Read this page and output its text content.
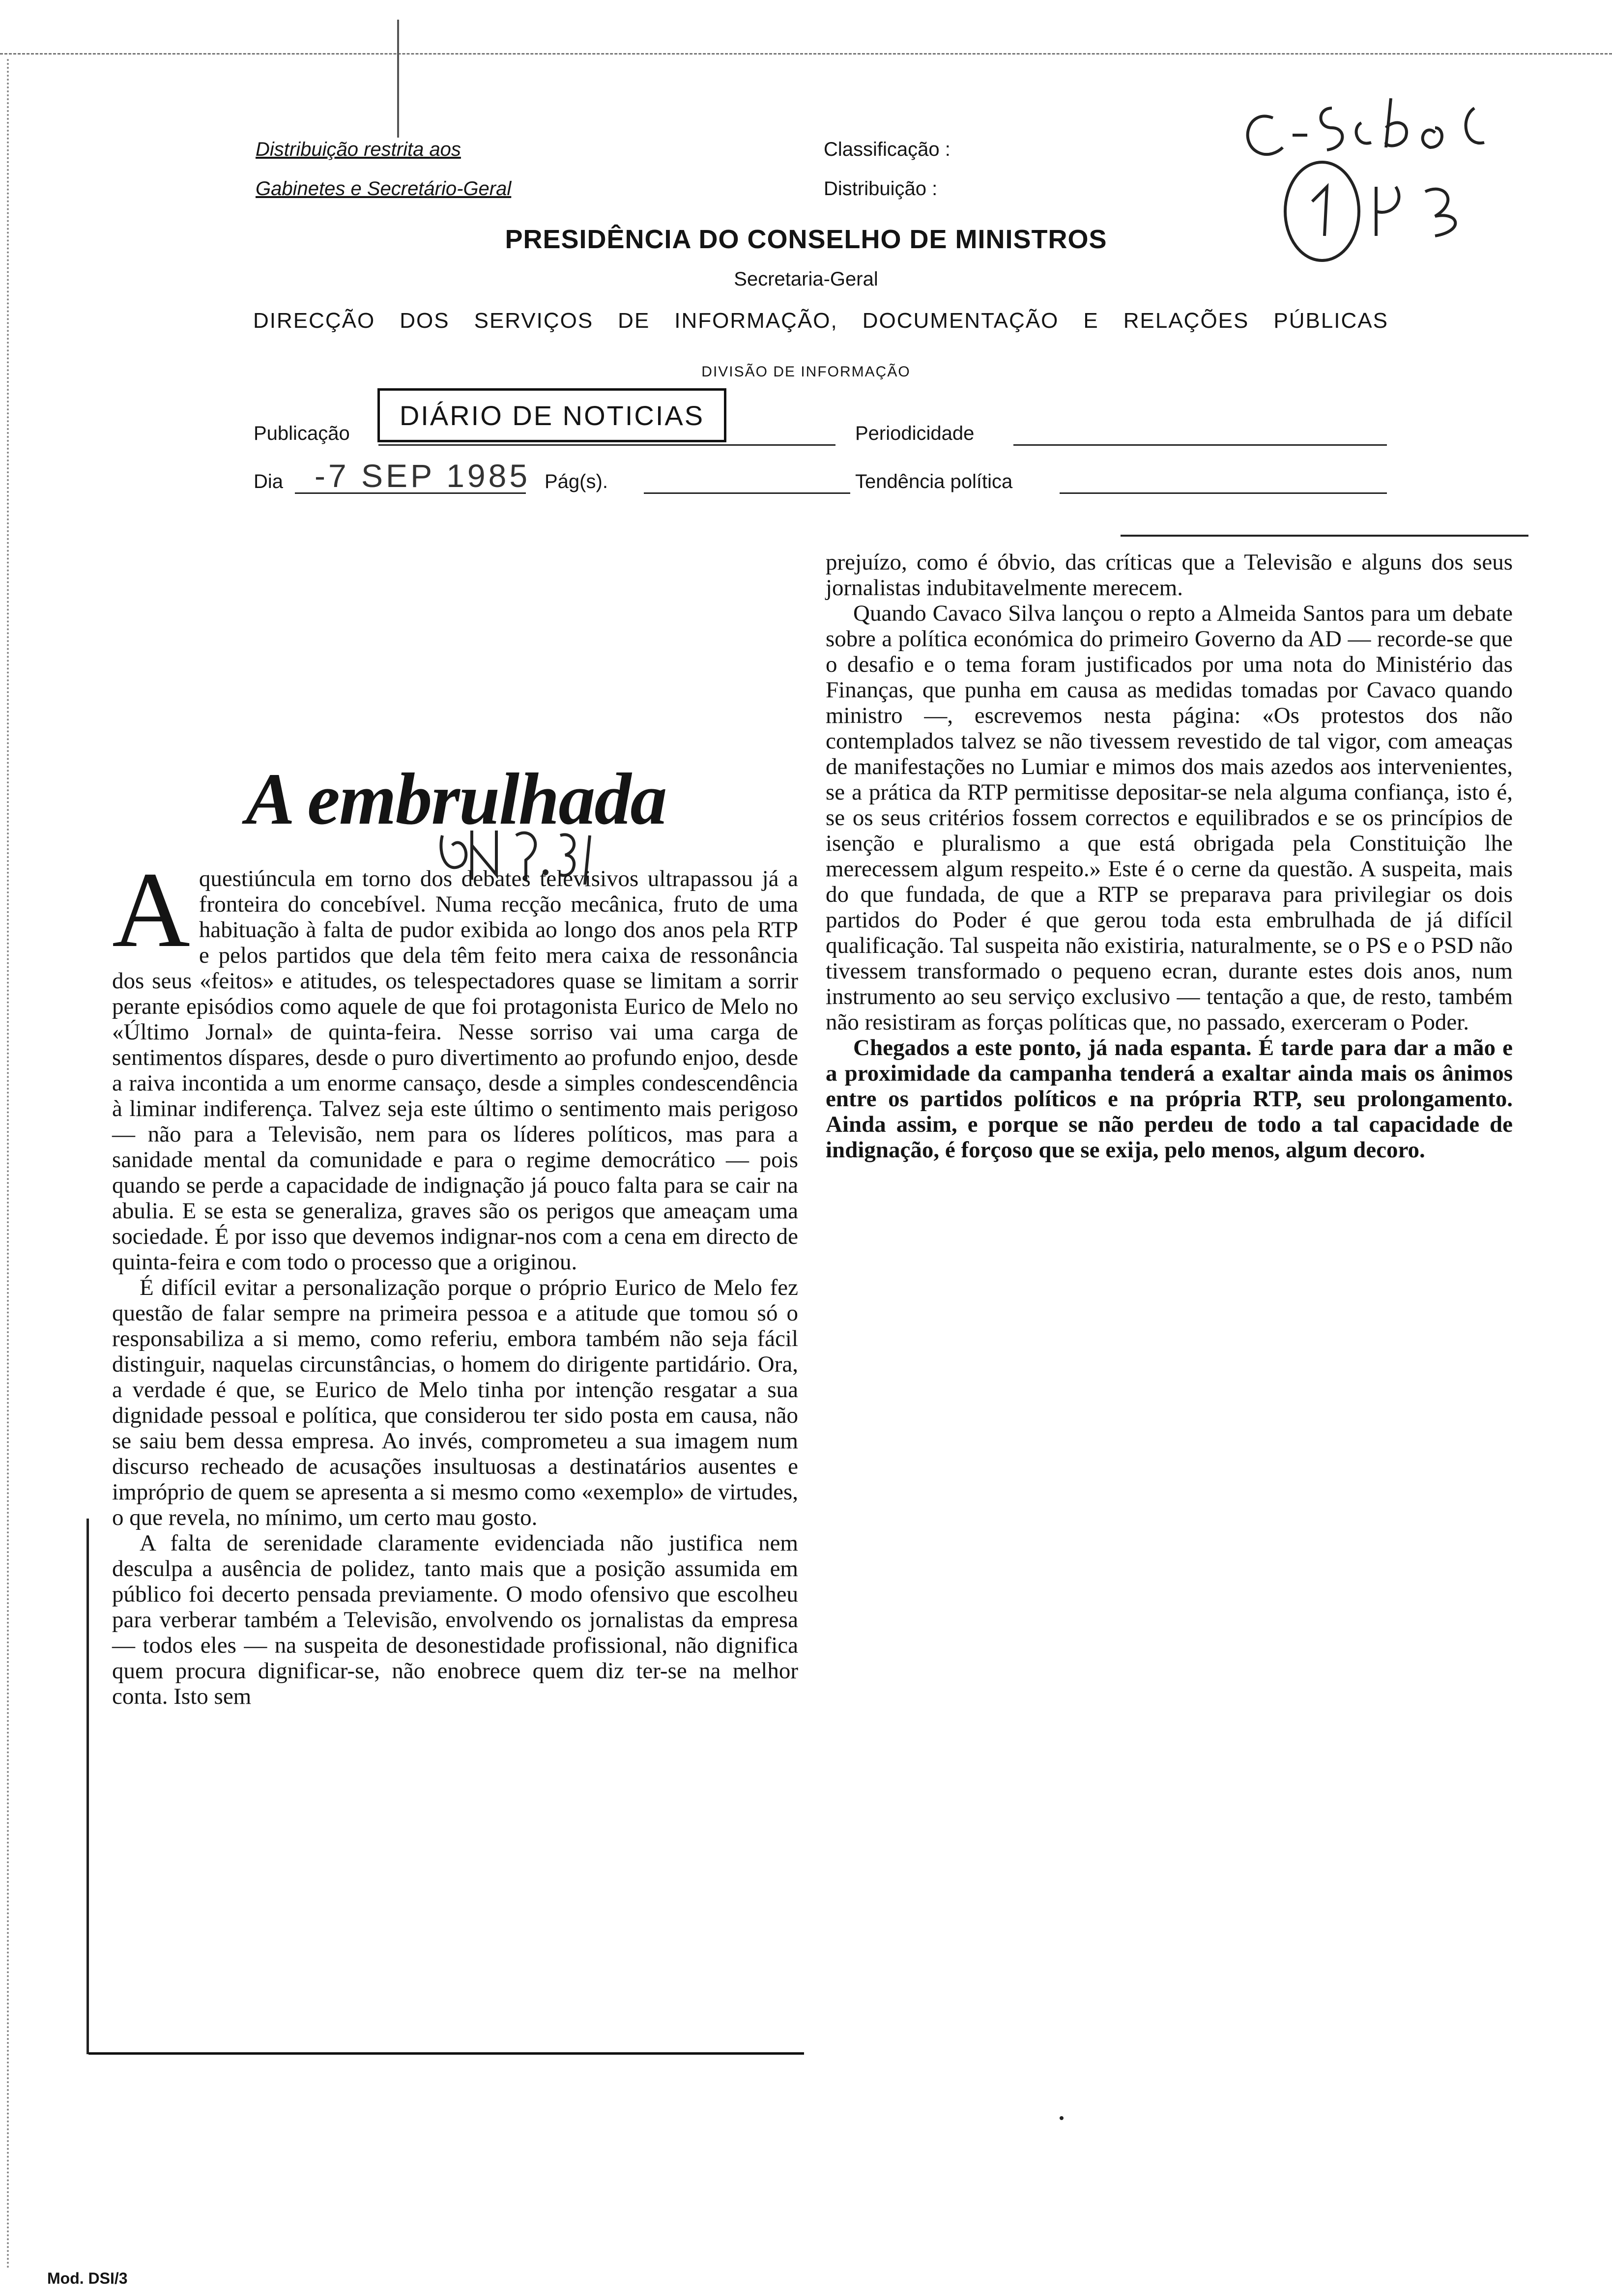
Distribuição restrita aos
Gabinetes e Secretário-Geral
Classificação :
Distribuição :
PRESIDÊNCIA DO CONSELHO DE MINISTROS
Secretaria-Geral
DIRECÇÃO DOS SERVIÇOS DE INFORMAÇÃO, DOCUMENTAÇÃO E RELAÇÕES PÚBLICAS
DIVISÃO DE INFORMAÇÃO
Publicação
DIÁRIO DE NOTICIAS
Periodicidade
Dia -7 SEP 1985 Pág(s).	Tendência política
A embrulhada

Aquestiúncula em torno dos debates televisivos ultrapassou já a fronteira do concebível. Numa recção mecânica, fruto de uma habituação à falta de pudor exibida ao longo dos anos pela RTP e pelos partidos que dela têm feito mera caixa de ressonância dos seus «feitos» e atitudes, os telespectadores quase se limitam a sorrir perante episódios como aquele de que foi protagonista Eurico de Melo no «Último Jornal» de quinta-feira. Nesse sorriso vai uma carga de sentimentos díspares, desde o puro divertimento ao profundo enjoo, desde a raiva incontida a um enorme cansaço, desde a simples condescendência à liminar indiferença. Talvez seja este último o sentimento mais perigoso — não para a Televisão, nem para os líderes políticos, mas para a sanidade mental da comunidade e para o regime democrático — pois quando se perde a capacidade de indignação já pouco falta para se cair na abulia. E se esta se generaliza, graves são os perigos que ameaçam uma sociedade. É por isso que devemos indignar-nos com a cena em directo de quinta-feira e com todo o processo que a originou.

É difícil evitar a personalização porque o próprio Eurico de Melo fez questão de falar sempre na primeira pessoa e a atitude que tomou só o responsabiliza a si memo, como referiu, embora também não seja fácil distinguir, naquelas circunstâncias, o homem do dirigente partidário. Ora, a verdade é que, se Eurico de Melo tinha por intenção resgatar a sua dignidade pessoal e política, que considerou ter sido posta em causa, não se saiu bem dessa empresa. Ao invés, comprometeu a sua imagem num discurso recheado de acusações insultuosas a destinatários ausentes e impróprio de quem se apresenta a si mesmo como «exemplo» de virtudes, o que revela, no mínimo, um certo mau gosto.

A falta de serenidade claramente evidenciada não justifica nem desculpa a ausência de polidez, tanto mais que a posição assumida em público foi decerto pensada previamente. O modo ofensivo que escolheu para verberar também a Televisão, envolvendo os jornalistas da empresa — todos eles — na suspeita de desonestidade profissional, não dignifica quem procura dignificar-se, não enobrece quem diz ter-se na melhor conta. Isto sem

prejuízo, como é óbvio, das críticas que a Televisão e alguns dos seus jornalistas indubitavelmente merecem.

Quando Cavaco Silva lançou o repto a Almeida Santos para um debate sobre a política económica do primeiro Governo da AD — recorde-se que o desafio e o tema foram justificados por uma nota do Ministério das Finanças, que punha em causa as medidas tomadas por Cavaco quando ministro —, escrevemos nesta página: «Os protestos dos não contemplados talvez se não tivessem revestido de tal vigor, com ameaças de manifestações no Lumiar e mimos dos mais azedos aos intervenientes, se a prática da RTP permitisse depositar-se nela alguma confiança, isto é, se os seus critérios fossem correctos e equilibrados e se os princípios de isenção e pluralismo a que está obrigada pela Constituição lhe merecessem algum respeito.» Este é o cerne da questão. A suspeita, mais do que fundada, de que a RTP se preparava para privilegiar os dois partidos do Poder é que gerou toda esta embrulhada de já difícil qualificação. Tal suspeita não existiria, naturalmente, se o PS e o PSD não tivessem transformado o pequeno ecran, durante estes dois anos, num instrumento ao seu serviço exclusivo — tentação a que, de resto, também não resistiram as forças políticas que, no passado, exerceram o Poder.

Chegados a este ponto, já nada espanta. É tarde para dar a mão e a proximidade da campanha tenderá a exaltar ainda mais os ânimos entre os partidos políticos e na própria RTP, seu prolongamento. Ainda assim, e porque se não perdeu de todo a tal capacidade de indignação, é forçoso que se exija, pelo menos, algum decoro.

Mod. DSI/3
